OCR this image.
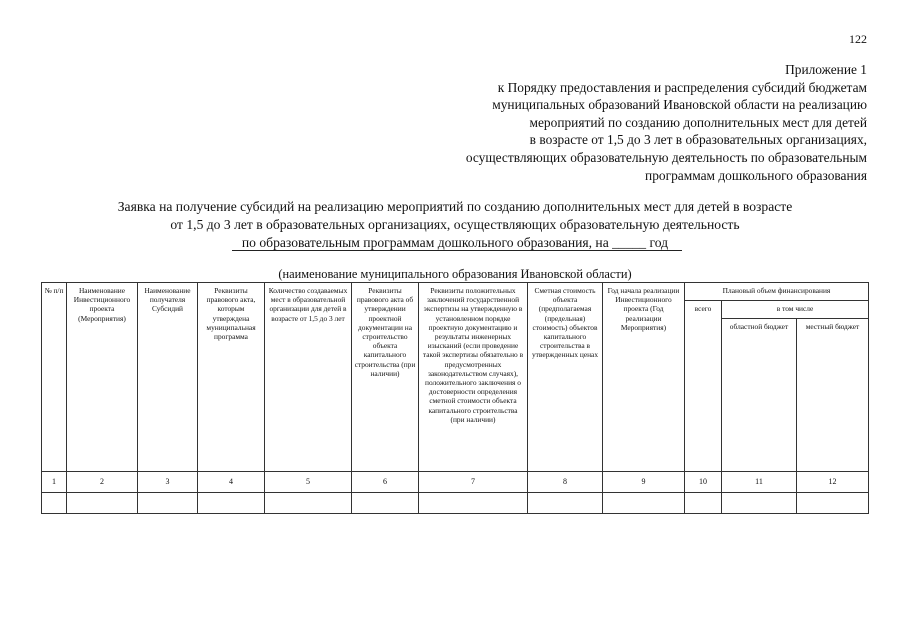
122
Приложение 1
к Порядку предоставления и распределения субсидий бюджетам
муниципальных образований Ивановской области на реализацию
мероприятий по созданию дополнительных мест для детей
в возрасте от 1,5 до 3 лет в образовательных организациях,
осуществляющих образовательную деятельность по образовательным
программам дошкольного образования
Заявка на получение субсидий на реализацию мероприятий по созданию дополнительных мест для детей в возрасте
от 1,5 до 3 лет в образовательных организациях, осуществляющих образовательную деятельность
по образовательным программам дошкольного образования, на _____ год
(наименование муниципального образования Ивановской области)
№ п/п	Наименование Инвестиционного проекта (Мероприятия)	Наименование получателя Субсидий	Реквизиты правового акта, которым утверждена муниципальная программа	Количество создаваемых мест в образовательной организации для детей в возрасте от 1,5 до 3 лет	Реквизиты правового акта об утверждении проектной документации на строительство объекта капитального строительства (при наличии)	Реквизиты положительных заключений государственной экспертизы на утвержденную в установленном порядке проектную документацию и результаты инженерных изысканий (если проведение такой экспертизы обязательно в предусмотренных законодательством случаях), положительного заключения о достоверности определения сметной стоимости объекта капитального строительства (при наличии)	Сметная стоимость объекта (предполагаемая (предельная) стоимость) объектов капитального строительства в утвержденных ценах	Год начала реализации Инвестиционного проекта (Год реализации Мероприятия)	Плановый объем финансирования		
									всего	в том числе	
										областной бюджет	местный бюджет
1	2	3	4	5	6	7	8	9	10	11	12
